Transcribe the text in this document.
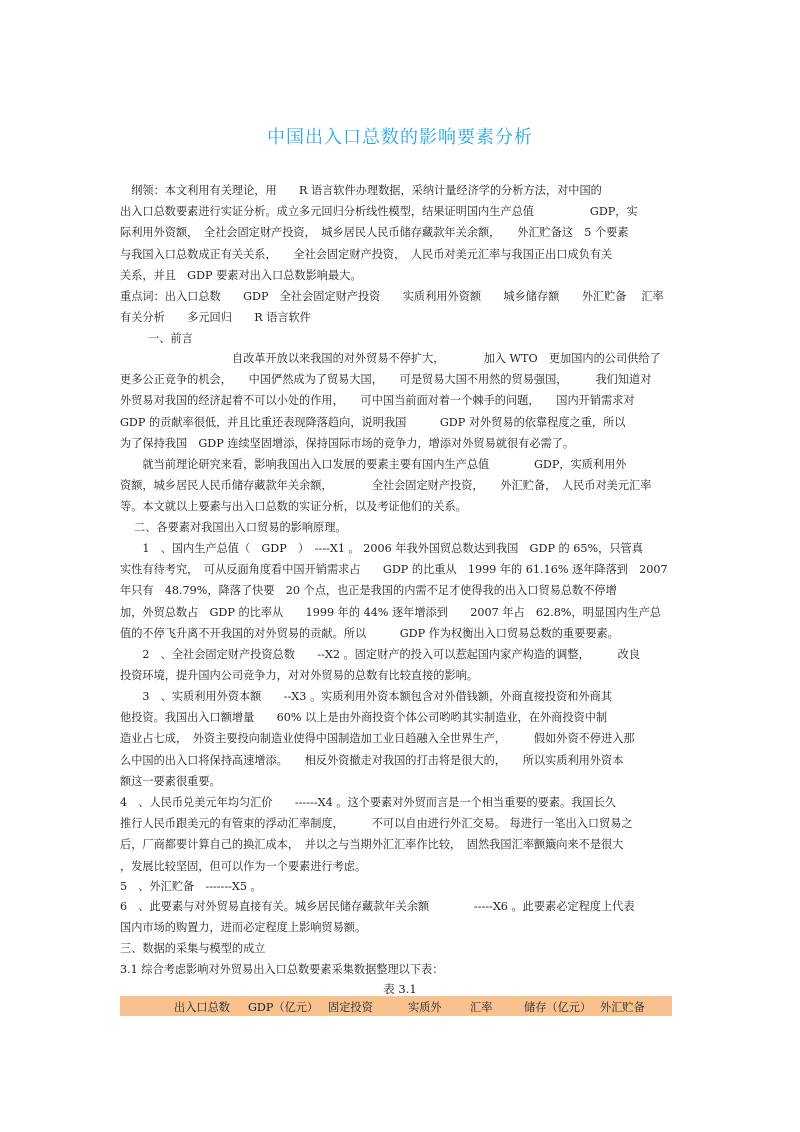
中国出入口总数的影响要素分析
　纲领：本文利用有关理论，用　　R 语言软件办理数据，采纳计量经济学的分析方法，对中国的
出入口总数要素进行实证分析。成立多元回归分析线性模型，结果证明国内生产总值　　　　　GDP，实
际利用外资额，　全社会固定财产投资，　城乡居民人民币储存藏款年关余额，　　外汇贮备这　5 个要素
与我国入口总数成正有关关系，　　全社会固定财产投资，　人民币对美元汇率与我国正出口成负有关
关系，并且　GDP 要素对出入口总数影响最大。
重点词：出入口总数　　GDP　全社会固定财产投资　　实质利用外资额　　城乡储存额　　外汇贮备　 汇率
有关分析　　多元回归　　R 语言软件
一、前言
　　　　　　　　　　自改革开放以来我国的对外贸易不停扩大，　　　　加入 WTO　更加国内的公司供给了
更多公正竞争的机会，　　中国俨然成为了贸易大国，　　可是贸易大国不用然的贸易强国，　　　我们知道对
外贸易对我国的经济起着不可以小处的作用，　　可中国当前面对着一个棘手的问题，　　国内开销需求对
GDP 的贡献率很低，并且比重还表现降落趋向，说明我国　　　GDP 对外贸易的依靠程度之重，所以
为了保持我国　GDP 连续坚固增添，保持国际市场的竞争力，增添对外贸易就很有必需了。
　　就当前理论研究来看，影响我国出入口发展的要素主要有国内生产总值　　　　GDP，实质利用外
资额，城乡居民人民币储存藏款年关余额，　　　　全社会固定财产投资，　　外汇贮备，　人民币对美元汇率
等。本文就以上要素与出入口总数的实证分析，以及考证他们的关系。
二、各要素对我国出入口贸易的影响原理。
　　1　、国内生产总值（　GDP　）　----X1 。 2006 年我外国贸总数达到我国　GDP 的 65%，只管真
实性有待考究，　可从反面角度看中国开销需求占　　GDP 的比重从　1999 年的 61.16% 逐年降落到　2007
年只有　48.79%，降落了快要　20 个点，也正是我国的内需不足才使得我的出入口贸易总数不停增
加，外贸总数占　GDP 的比率从　　1999 年的 44% 逐年增添到　　2007 年占　62.8%，明显国内生产总
值的不停飞升离不开我国的对外贸易的贡献。所以　　　GDP 作为权衡出入口贸易总数的重要要素。
　　2　、全社会固定财产投资总数　　--X2 。固定财产的投入可以惹起国内家产构造的调整，　　　改良
投资环境，提升国内公司竞争力，对对外贸易的总数有比较直接的影响。
　　3　、实质利用外资本额　　--X3 。实质利用外资本额包含对外借钱额，外商直接投资和外商其
他投资。我国出入口额增量　　60% 以上是由外商投资个体公司哟哟其实制造业，在外商投资中制
造业占七成，　外资主要投向制造业使得中国制造加工业日趋融入全世界生产，　　　假如外资不停进入那
么中国的出入口将保持高速增添。　　相反外资撤走对我国的打击将是很大的，　　所以实质利用外资本
额这一要素很重要。
4　、人民币兑美元年均匀汇价　　------X4 。这个要素对外贸而言是一个相当重要的要素。我国长久
推行人民币跟美元的有管束的浮动汇率制度，　　　不可以自由进行外汇交易。 每进行一笔出入口贸易之
后，厂商都要计算自己的换汇成本，　并以之与当期外汇汇率作比较，　固然我国汇率颤簸向来不是很大
，发展比较坚固，但可以作为一个要素进行考虑。
5　、外汇贮备　-------X5 。
6　、此要素与对外贸易直接有关。城乡居民储存藏款年关余额　　　　-----X6 。此要素必定程度上代表
国内市场的购置力，进而必定程度上影响贸易额。
三、数据的采集与模型的成立
3.1 综合考虑影响对外贸易出入口总数要素采集数据整理以下表：
表 3.1
出入口总数 GDP（亿元） 固定投资	实质外	汇率	储存（亿元） 外汇贮备
